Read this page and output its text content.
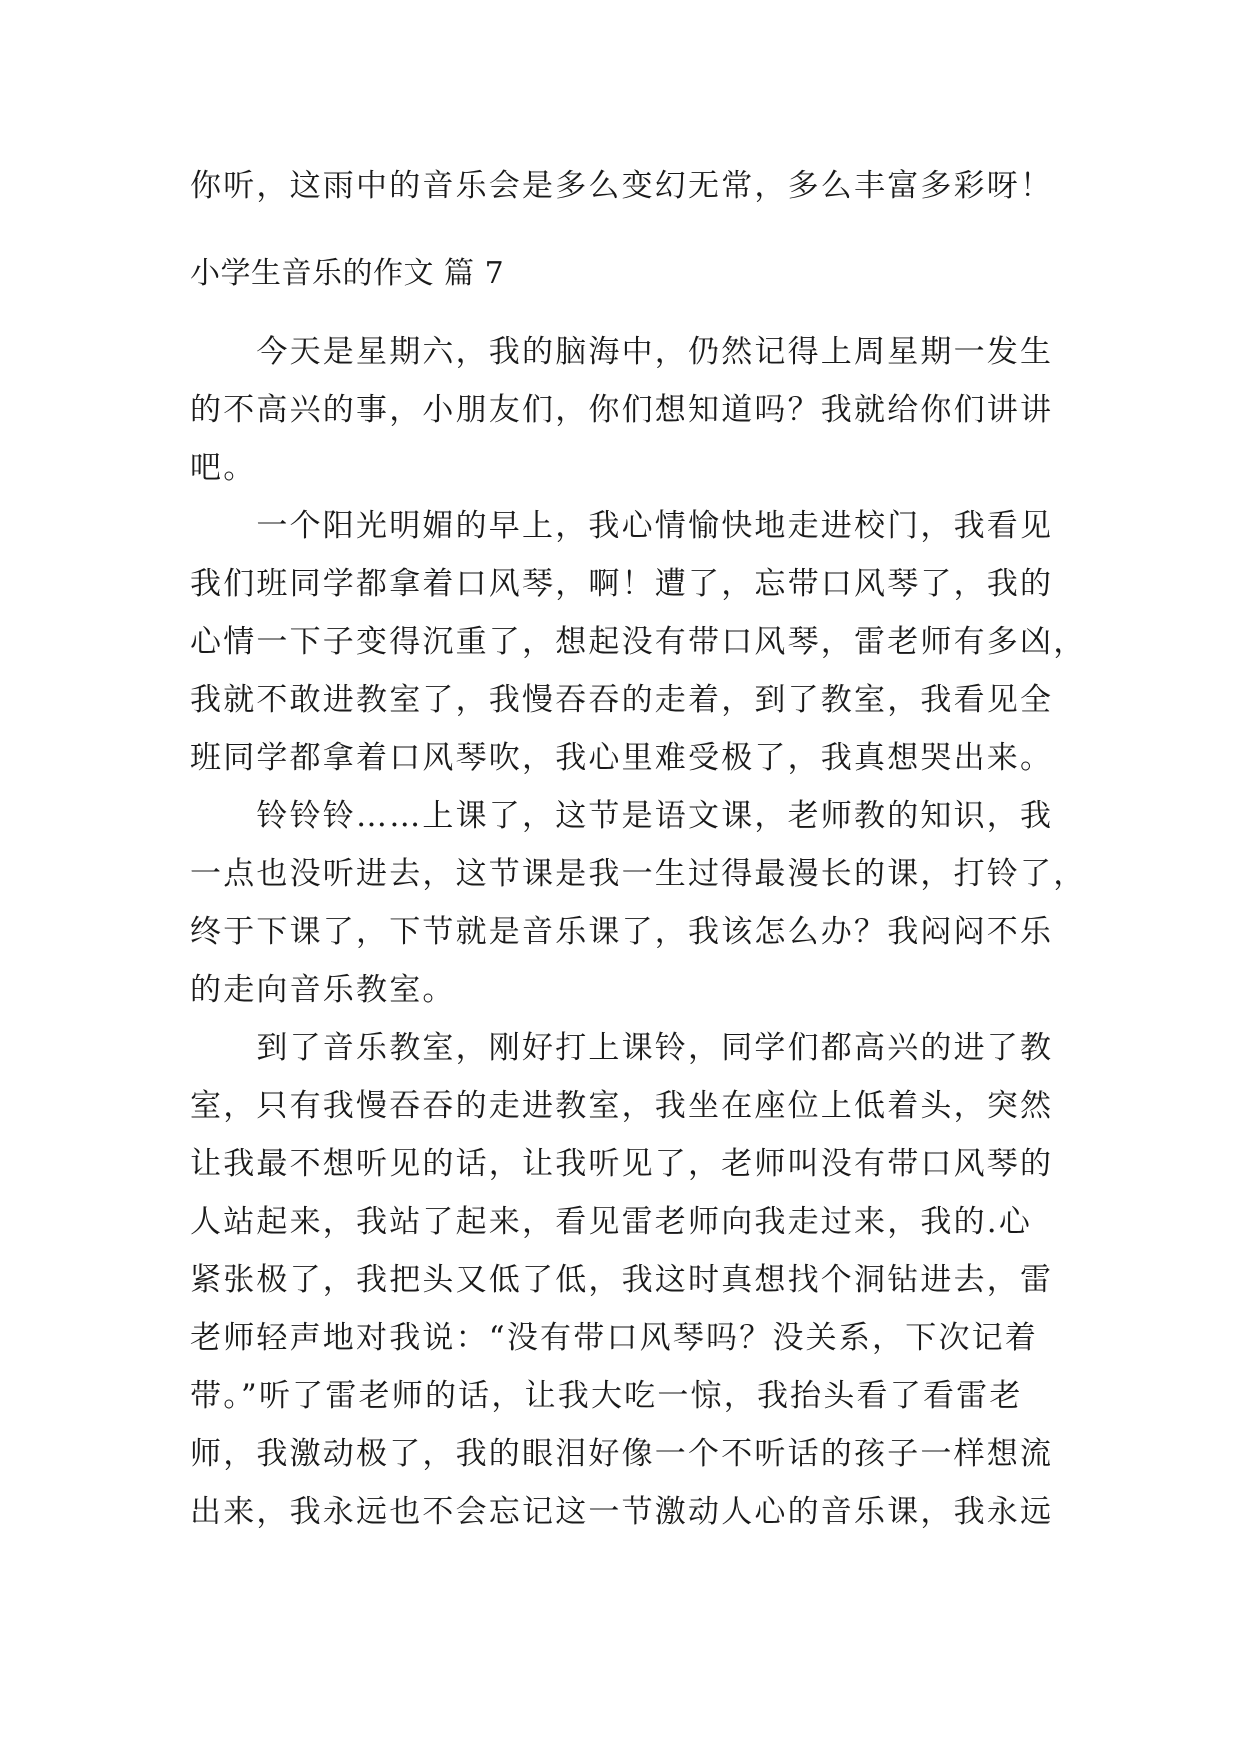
你听，这雨中的音乐会是多么变幻无常，多么丰富多彩呀！
小学生音乐的作文 篇 7
　　今天是星期六，我的脑海中，仍然记得上周星期一发生
的不高兴的事，小朋友们，你们想知道吗？我就给你们讲讲
吧。
　　一个阳光明媚的早上，我心情愉快地走进校门，我看见
我们班同学都拿着口风琴，啊！遭了，忘带口风琴了，我的
心情一下子变得沉重了，想起没有带口风琴，雷老师有多凶，
我就不敢进教室了，我慢吞吞的走着，到了教室，我看见全
班同学都拿着口风琴吹，我心里难受极了，我真想哭出来。
　　铃铃铃……上课了，这节是语文课，老师教的知识，我
一点也没听进去，这节课是我一生过得最漫长的课，打铃了，
终于下课了，下节就是音乐课了，我该怎么办？我闷闷不乐
的走向音乐教室。
　　到了音乐教室，刚好打上课铃，同学们都高兴的进了教
室，只有我慢吞吞的走进教室，我坐在座位上低着头，突然
让我最不想听见的话，让我听见了，老师叫没有带口风琴的
人站起来，我站了起来，看见雷老师向我走过来，我的.心
紧张极了，我把头又低了低，我这时真想找个洞钻进去，雷
老师轻声地对我说：“没有带口风琴吗？没关系，下次记着
带。”听了雷老师的话，让我大吃一惊，我抬头看了看雷老
师，我激动极了，我的眼泪好像一个不听话的孩子一样想流
出来，我永远也不会忘记这一节激动人心的音乐课，我永远
